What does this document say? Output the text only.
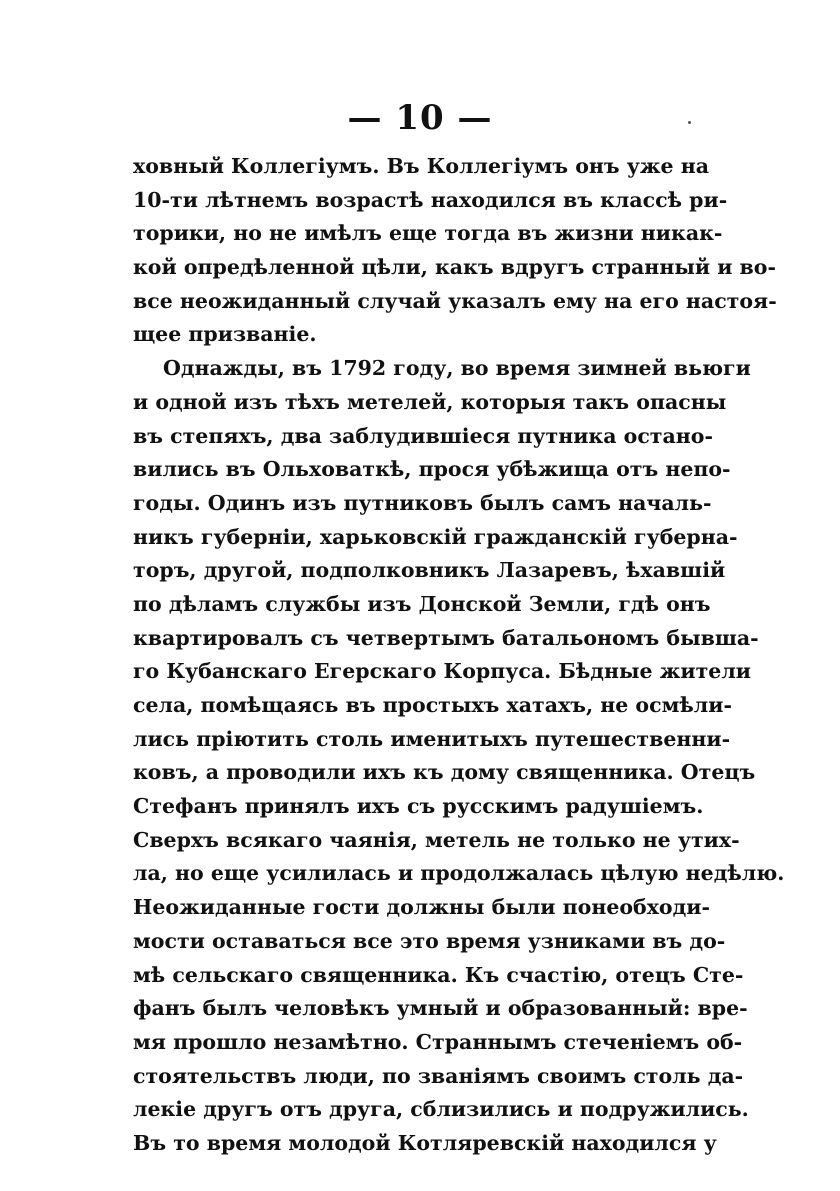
— 10 —
ховный Коллегіумъ. Въ Коллегіумъ онъ уже на
10-ти лѣтнемъ возрастѣ находился въ классѣ ри-
торики, но не имѣлъ еще тогда въ жизни никак-
кой опредѣленной цѣли, какъ вдругъ странный и во-
все неожиданный случай указалъ ему на его настоя-
щее призваніе.
Однажды, въ 1792 году, во время зимней вьюги
и одной изъ тѣхъ метелей, которыя такъ опасны
въ степяхъ, два заблудившіеся путника остано-
вились въ Ольховаткѣ, прося убѣжища отъ непо-
годы. Одинъ изъ путниковъ былъ самъ началь-
никъ губерніи, харьковскій гражданскій губерна-
торъ, другой, подполковникъ Лазаревъ, ѣхавшій
по дѣламъ службы изъ Донской Земли, гдѣ онъ
квартировалъ съ четвертымъ батальономъ бывша-
го Кубанскаго Егерскаго Корпуса. Бѣдные жители
села, помѣщаясь въ простыхъ хатахъ, не осмѣли-
лись пріютить столь именитыхъ путешественни-
ковъ, а проводили ихъ къ дому священника. Отецъ
Стефанъ принялъ ихъ съ русскимъ радушіемъ.
Сверхъ всякаго чаянія, метель не только не утих-
ла, но еще усилилась и продолжалась цѣлую недѣлю.
Неожиданные гости должны были понеобходи-
мости оставаться все это время узниками въ до-
мѣ сельскаго священника. Къ счастію, отецъ Сте-
фанъ былъ человѣкъ умный и образованный: вре-
мя прошло незамѣтно. Страннымъ стеченіемъ об-
стоятельствъ люди, по званіямъ своимъ столь да-
лекіе другъ отъ друга, сблизились и подружились.
Въ то время молодой Котляревскій находился у
